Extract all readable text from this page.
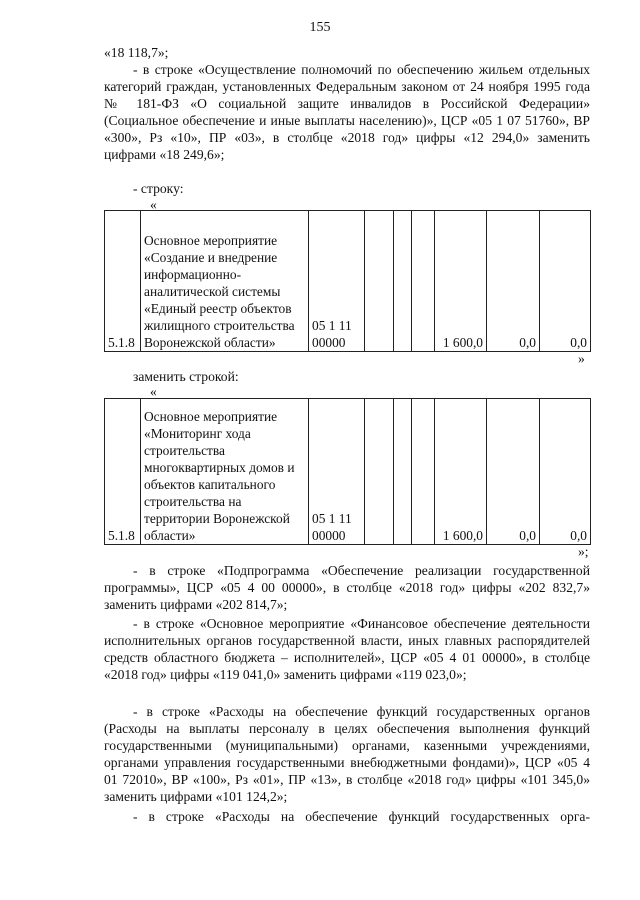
155
«18 118,7»;
- в строке «Осуществление полномочий по обеспечению жильем отдельных категорий граждан, установленных Федеральным законом от 24 ноября 1995 года № 181-ФЗ «О социальной защите инвалидов в Российской Федерации» (Социальное обеспечение и иные выплаты населению)», ЦСР «05 1 07 51760», ВР «300», Рз «10», ПР «03», в столбце «2018 год» цифры «12 294,0» заменить цифрами «18 249,6»;
- строку:
«
5.1.8	Основное мероприятие «Создание и внедрение информационно-аналитической системы «Единый реестр объектов жилищного строительства Воронежской области»	05 1 11 00000				1 600,0	0,0	0,0
»
заменить строкой:
«
5.1.8	Основное мероприятие «Мониторинг хода строительства многоквартирных домов и объектов капитального строительства на территории Воронежской области»	05 1 11 00000				1 600,0	0,0	0,0
»;
- в строке «Подпрограмма «Обеспечение реализации государственной программы», ЦСР «05 4 00 00000», в столбце «2018 год» цифры «202 832,7» заменить цифрами «202 814,7»;
- в строке «Основное мероприятие «Финансовое обеспечение деятельности исполнительных органов государственной власти, иных главных распорядителей средств областного бюджета – исполнителей», ЦСР «05 4 01 00000», в столбце «2018 год» цифры «119 041,0» заменить цифрами «119 023,0»;
- в строке «Расходы на обеспечение функций государственных органов (Расходы на выплаты персоналу в целях обеспечения выполнения функций государственными (муниципальными) органами, казенными учреждениями, органами управления государственными внебюджетными фондами)», ЦСР «05 4 01 72010», ВР «100», Рз «01», ПР «13», в столбце «2018 год» цифры «101 345,0» заменить цифрами «101 124,2»;
- в строке «Расходы на обеспечение функций государственных орга-
